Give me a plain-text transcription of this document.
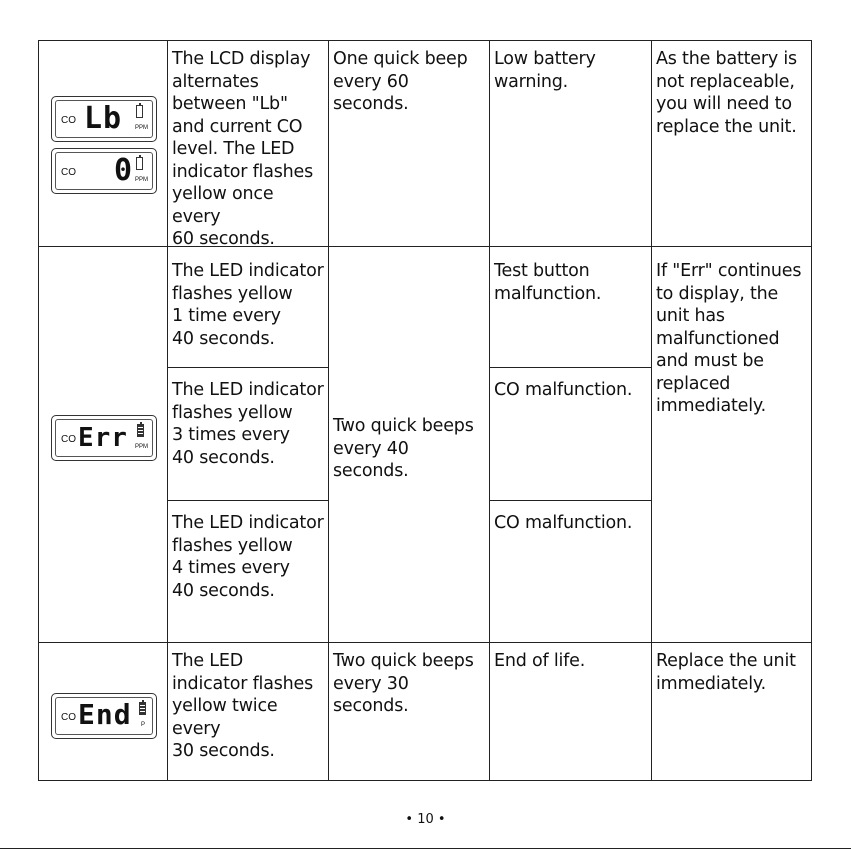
CO Lb PPM
CO 0 PPM
The LCD display
alternates
between "Lb"
and current CO
level. The LED
indicator flashes
yellow once every
60 seconds.
One quick beep
every 60 seconds.
Low battery
warning.
As the battery is
not replaceable,
you will need to
replace the unit.
CO Err PPM
The LED indicator
flashes yellow
1 time every
40 seconds.
The LED indicator
flashes yellow
3 times every
40 seconds.
The LED indicator
flashes yellow
4 times every
40 seconds.
Two quick beeps
every 40 seconds.
Test button
malfunction.
CO malfunction.
CO malfunction.
If "Err" continues
to display, the
unit has
malfunctioned
and must be
replaced
immediately.
CO End P
The LED
indicator flashes
yellow twice every
30 seconds.
Two quick beeps
every 30 seconds.
End of life.	Replace the unit
immediately.
• 10 •
